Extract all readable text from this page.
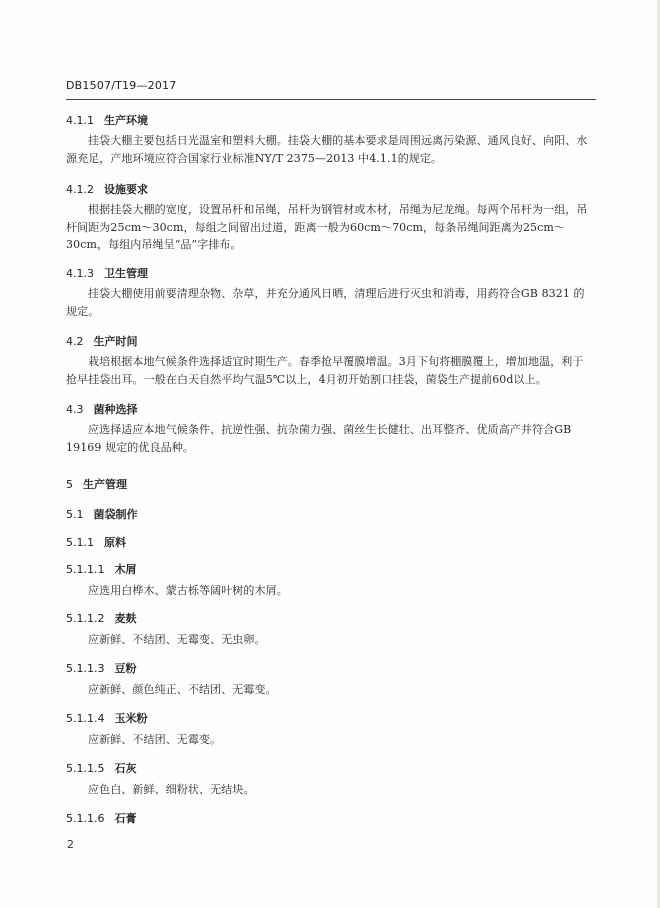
DB1507/T19—2017
4.1.1 生产环境
挂袋大棚主要包括日光温室和塑料大棚。挂袋大棚的基本要求是周围远离污染源、通风良好、向阳、水源充足，产地环境应符合国家行业标准NY/T 2375—2013 中4.1.1的规定。
4.1.2 设施要求
根据挂袋大棚的宽度，设置吊杆和吊绳，吊杆为钢管材或木材，吊绳为尼龙绳。每两个吊杆为一组，吊杆间距为25cm～30cm，每组之间留出过道，距离一般为60cm～70cm，每条吊绳间距离为25cm～30cm，每组内吊绳呈“品”字排布。
4.1.3 卫生管理
挂袋大棚使用前要清理杂物、杂草，并充分通风日晒，清理后进行灭虫和消毒，用药符合GB 8321 的规定。
4.2 生产时间
栽培根据本地气候条件选择适宜时期生产。春季抢早覆膜增温。3月下旬将棚膜覆上，增加地温，利于抢早挂袋出耳。一般在白天自然平均气温5℃以上，4月初开始割口挂袋，菌袋生产提前60d以上。
4.3 菌种选择
应选择适应本地气候条件、抗逆性强、抗杂菌力强、菌丝生长健壮、出耳整齐、优质高产并符合GB 19169 规定的优良品种。
5 生产管理
5.1 菌袋制作
5.1.1 原料
5.1.1.1 木屑
应选用白桦木、蒙古栎等阔叶树的木屑。
5.1.1.2 麦麸
应新鲜、不结团、无霉变、无虫卵。
5.1.1.3 豆粉
应新鲜、颜色纯正、不结团、无霉变。
5.1.1.4 玉米粉
应新鲜、不结团、无霉变。
5.1.1.5 石灰
应色白、新鲜、细粉状、无结块。
5.1.1.6 石膏
2
